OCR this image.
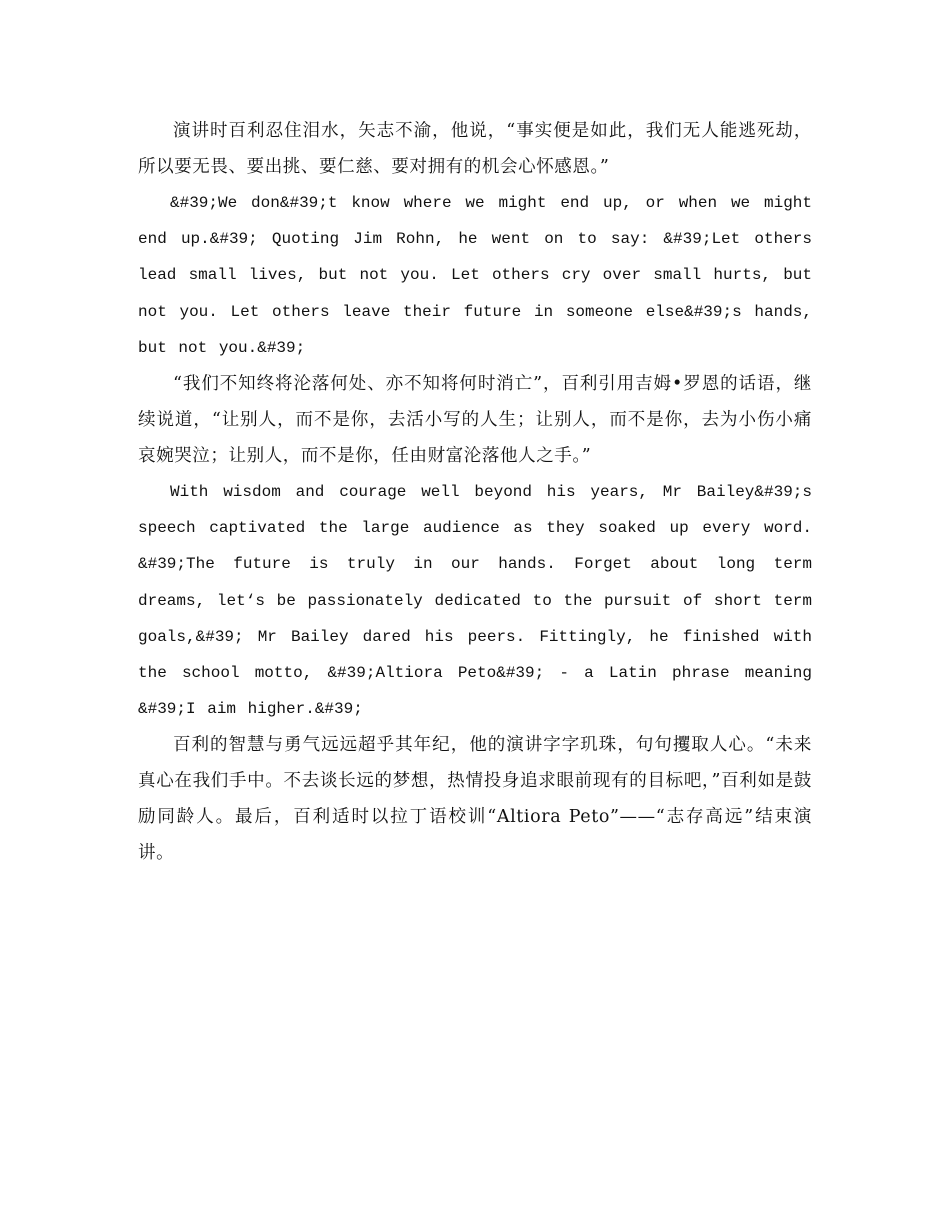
演讲时百利忍住泪水，矢志不渝，他说，“事实便是如此，我们无人能逃死劫，所以要无畏、要出挑、要仁慈、要对拥有的机会心怀感恩。”

&#39;We don&#39;t know where we might end up, or when we might end up.&#39; Quoting Jim Rohn, he went on to say: &#39;Let others lead small lives, but not you. Let others cry over small hurts, but not you. Let others leave their future in someone else&#39;s hands, but not you.&#39;

“我们不知终将沦落何处、亦不知将何时消亡”，百利引用吉姆•罗恩的话语，继续说道，“让别人，而不是你，去活小写的人生；让别人，而不是你，去为小伤小痛哀婉哭泣；让别人，而不是你，任由财富沦落他人之手。”

With wisdom and courage well beyond his years, Mr Bailey&#39;s speech captivated the large audience as they soaked up every word. &#39;The future is truly in our hands. Forget about long term dreams, let‘s be passionately dedicated to the pursuit of short term goals,&#39; Mr Bailey dared his peers. Fittingly, he finished with the school motto, &#39;Altiora Peto&#39; - a Latin phrase meaning &#39;I aim higher.&#39;

百利的智慧与勇气远远超乎其年纪，他的演讲字字玑珠，句句攫取人心。“未来真心在我们手中。不去谈长远的梦想，热情投身追求眼前现有的目标吧，”百利如是鼓励同龄人。最后，百利适时以拉丁语校训“Altiora Peto”——“志存高远”结束演讲。
